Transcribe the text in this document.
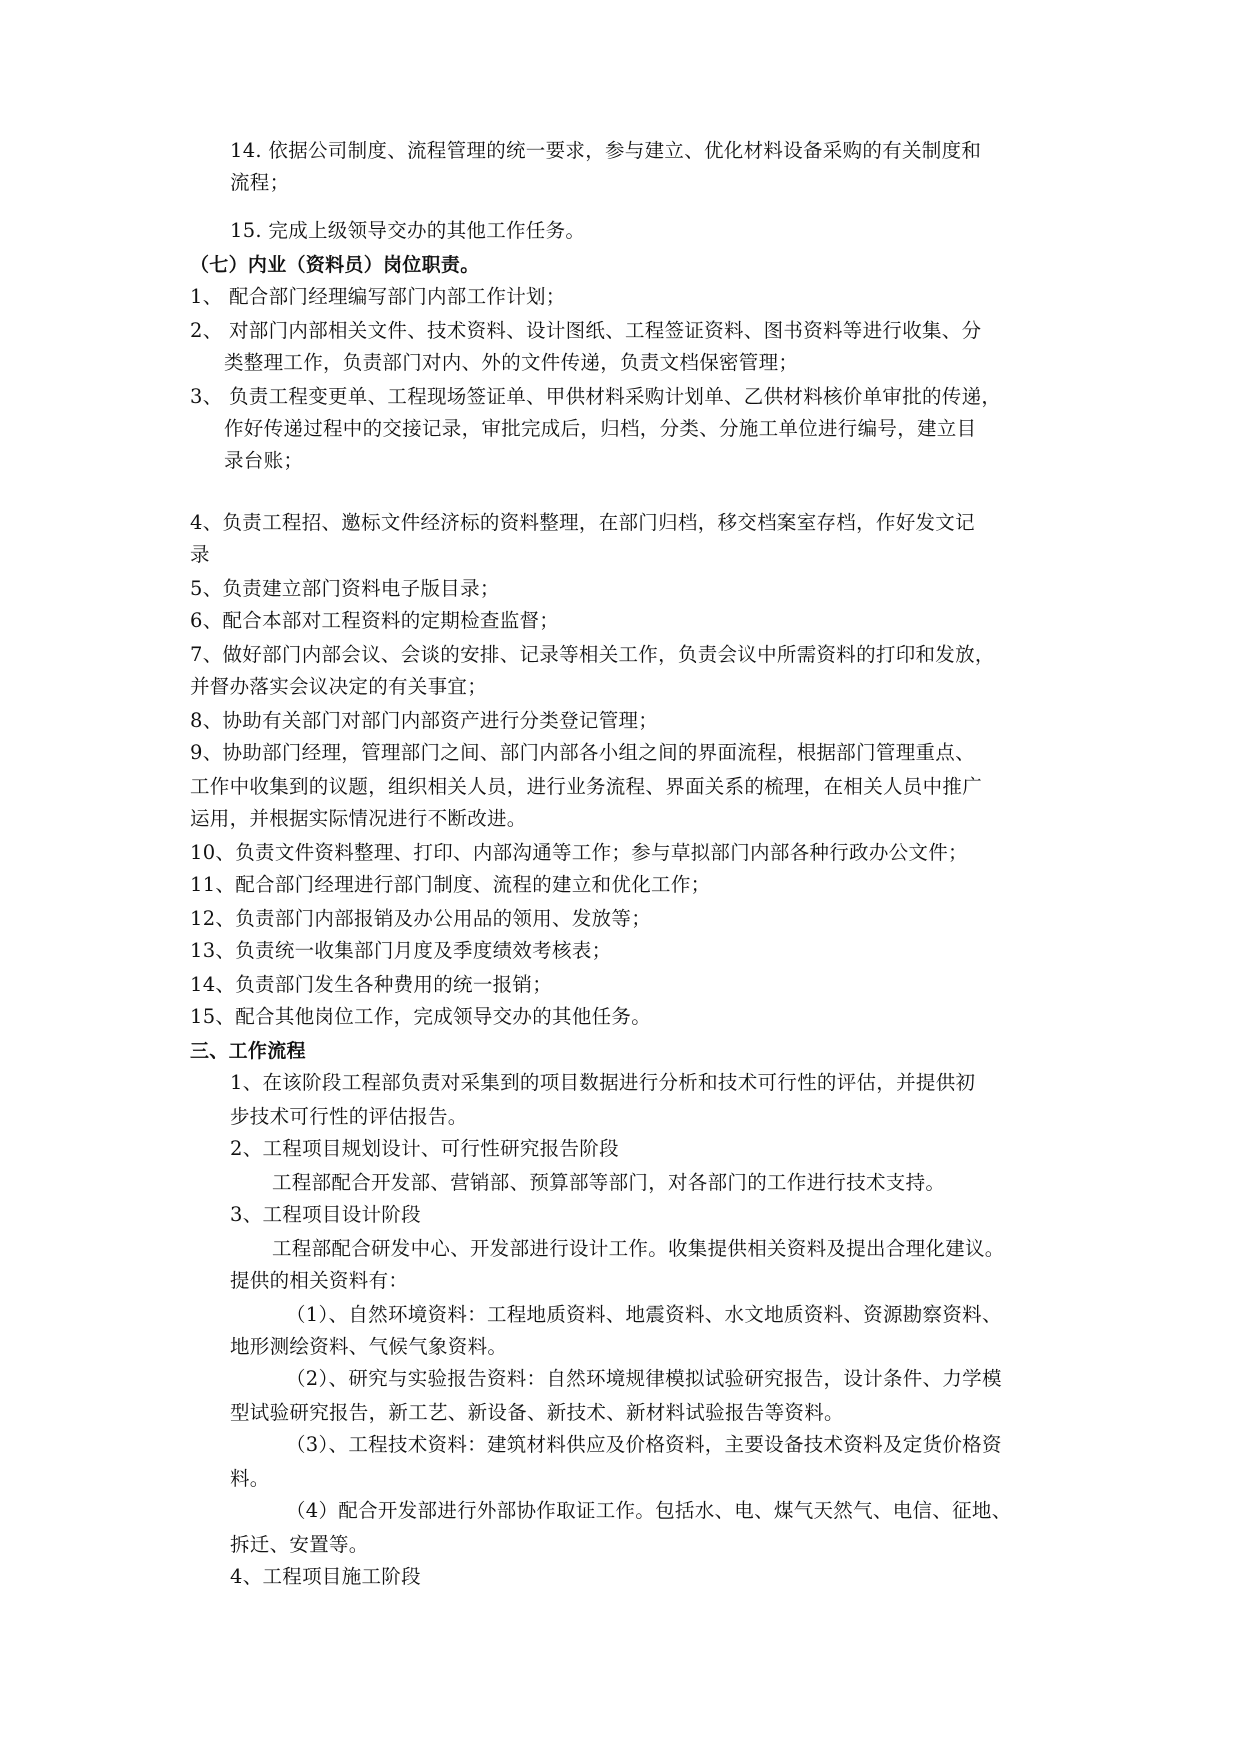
14. 依据公司制度、流程管理的统一要求，参与建立、优化材料设备采购的有关制度和
流程；
15. 完成上级领导交办的其他工作任务。
（七）内业（资料员）岗位职责。
1、 配合部门经理编写部门内部工作计划；
2、 对部门内部相关文件、技术资料、设计图纸、工程签证资料、图书资料等进行收集、分
类整理工作，负责部门对内、外的文件传递，负责文档保密管理；
3、 负责工程变更单、工程现场签证单、甲供材料采购计划单、乙供材料核价单审批的传递，
作好传递过程中的交接记录，审批完成后，归档，分类、分施工单位进行编号，建立目
录台账；
4、负责工程招、邀标文件经济标的资料整理，在部门归档，移交档案室存档，作好发文记
录
5、负责建立部门资料电子版目录；
6、配合本部对工程资料的定期检查监督；
7、做好部门内部会议、会谈的安排、记录等相关工作，负责会议中所需资料的打印和发放，
并督办落实会议决定的有关事宜；
8、协助有关部门对部门内部资产进行分类登记管理；
9、协助部门经理，管理部门之间、部门内部各小组之间的界面流程，根据部门管理重点、
工作中收集到的议题，组织相关人员，进行业务流程、界面关系的梳理，在相关人员中推广
运用，并根据实际情况进行不断改进。
10、负责文件资料整理、打印、内部沟通等工作；参与草拟部门内部各种行政办公文件；
11、配合部门经理进行部门制度、流程的建立和优化工作；
12、负责部门内部报销及办公用品的领用、发放等；
13、负责统一收集部门月度及季度绩效考核表；
14、负责部门发生各种费用的统一报销；
15、配合其他岗位工作，完成领导交办的其他任务。
三、工作流程
1、在该阶段工程部负责对采集到的项目数据进行分析和技术可行性的评估，并提供初
步技术可行性的评估报告。
2、工程项目规划设计、可行性研究报告阶段
工程部配合开发部、营销部、预算部等部门，对各部门的工作进行技术支持。
3、工程项目设计阶段
工程部配合研发中心、开发部进行设计工作。收集提供相关资料及提出合理化建议。
提供的相关资料有：
（1）、自然环境资料：工程地质资料、地震资料、水文地质资料、资源勘察资料、
地形测绘资料、气候气象资料。
（2）、研究与实验报告资料：自然环境规律模拟试验研究报告，设计条件、力学模
型试验研究报告，新工艺、新设备、新技术、新材料试验报告等资料。
（3）、工程技术资料：建筑材料供应及价格资料，主要设备技术资料及定货价格资
料。
（4）配合开发部进行外部协作取证工作。包括水、电、煤气天然气、电信、征地、
拆迁、安置等。
4、工程项目施工阶段
